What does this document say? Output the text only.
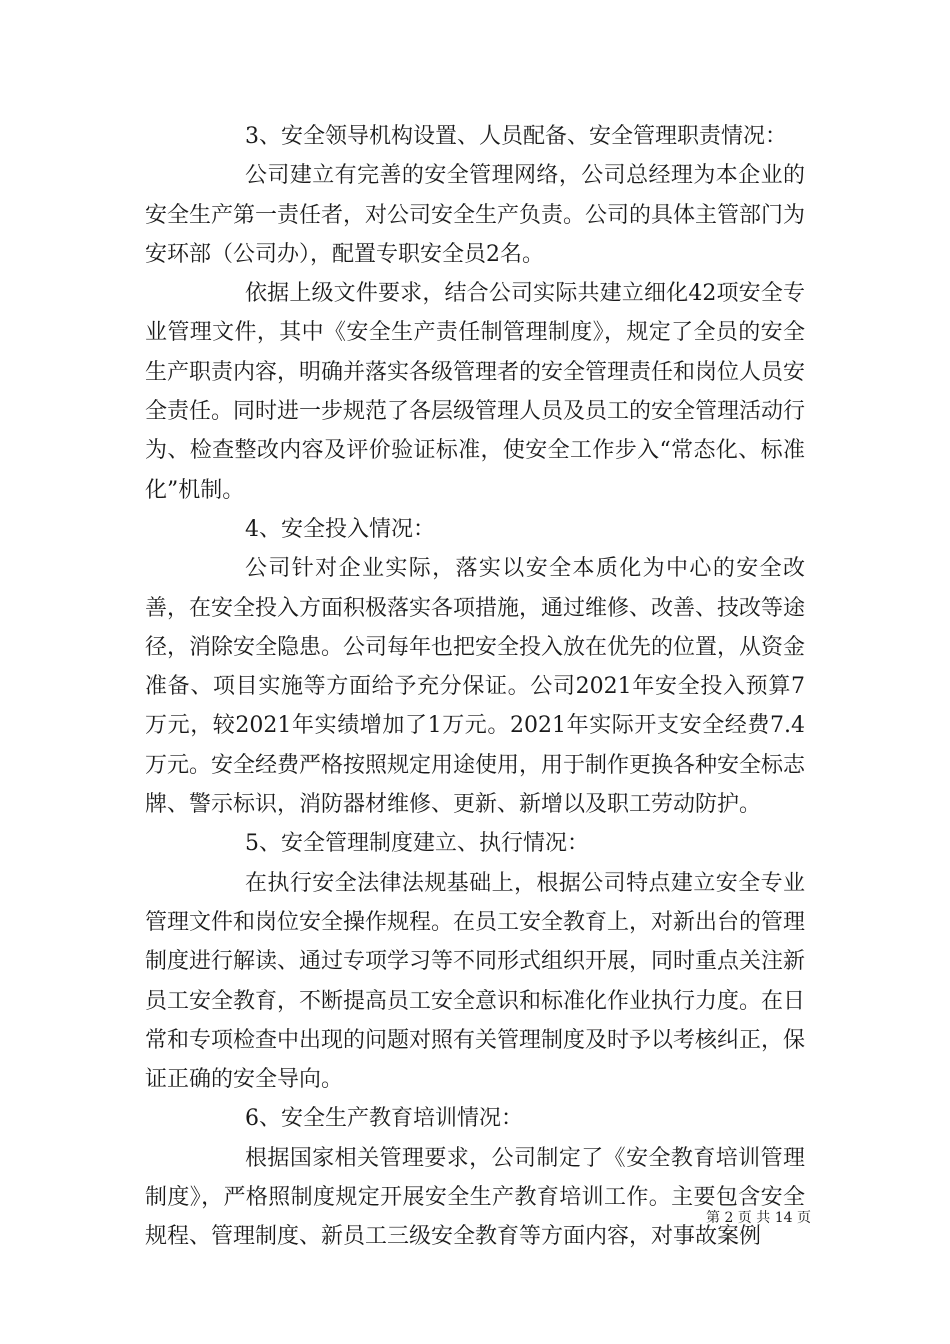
3、安全领导机构设置、人员配备、安全管理职责情况：

公司建立有完善的安全管理网络，公司总经理为本企业的安全生产第一责任者，对公司安全生产负责。公司的具体主管部门为安环部（公司办），配置专职安全员2名。

依据上级文件要求，结合公司实际共建立细化42项安全专业管理文件，其中《安全生产责任制管理制度》，规定了全员的安全生产职责内容，明确并落实各级管理者的安全管理责任和岗位人员安全责任。同时进一步规范了各层级管理人员及员工的安全管理活动行为、检查整改内容及评价验证标准，使安全工作步入“常态化、标准化”机制。

4、安全投入情况：

公司针对企业实际，落实以安全本质化为中心的安全改善，在安全投入方面积极落实各项措施，通过维修、改善、技改等途径，消除安全隐患。公司每年也把安全投入放在优先的位置，从资金准备、项目实施等方面给予充分保证。公司2021年安全投入预算7万元，较2021年实绩增加了1万元。2021年实际开支安全经费7.4万元。安全经费严格按照规定用途使用，用于制作更换各种安全标志牌、警示标识，消防器材维修、更新、新增以及职工劳动防护。

5、安全管理制度建立、执行情况：

在执行安全法律法规基础上，根据公司特点建立安全专业管理文件和岗位安全操作规程。在员工安全教育上，对新出台的管理制度进行解读、通过专项学习等不同形式组织开展，同时重点关注新员工安全教育，不断提高员工安全意识和标准化作业执行力度。在日常和专项检查中出现的问题对照有关管理制度及时予以考核纠正，保证正确的安全导向。

6、安全生产教育培训情况：

根据国家相关管理要求，公司制定了《安全教育培训管理制度》，严格照制度规定开展安全生产教育培训工作。主要包含安全规程、管理制度、新员工三级安全教育等方面内容，对事故案例

第 2 页 共 14 页
